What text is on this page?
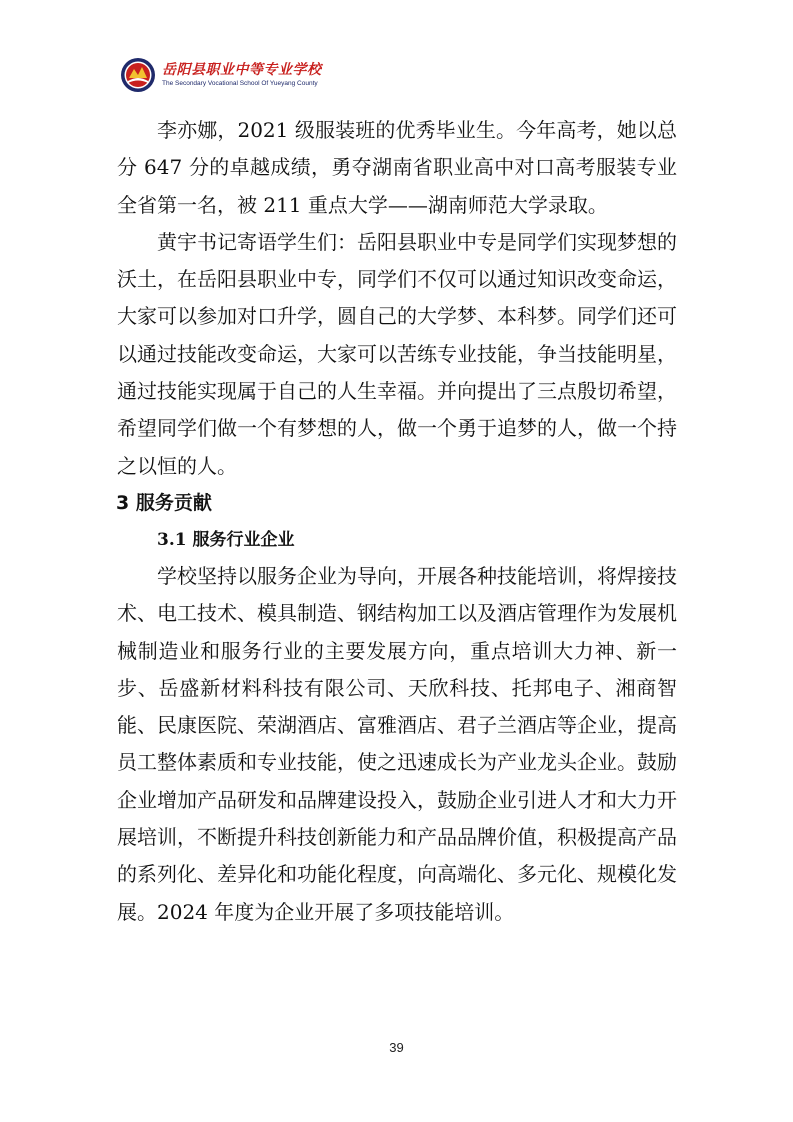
岳阳县职业中等专业学校
The Secondary Vocational School Of Yueyang County

李亦娜，2021 级服装班的优秀毕业生。今年高考，她以总分 647 分的卓越成绩，勇夺湖南省职业高中对口高考服装专业全省第一名，被 211 重点大学——湖南师范大学录取。

黄宇书记寄语学生们：岳阳县职业中专是同学们实现梦想的沃土，在岳阳县职业中专，同学们不仅可以通过知识改变命运，大家可以参加对口升学，圆自己的大学梦、本科梦。同学们还可以通过技能改变命运，大家可以苦练专业技能，争当技能明星，通过技能实现属于自己的人生幸福。并向提出了三点殷切希望，希望同学们做一个有梦想的人，做一个勇于追梦的人，做一个持之以恒的人。

3 服务贡献
3.1 服务行业企业

学校坚持以服务企业为导向，开展各种技能培训，将焊接技术、电工技术、模具制造、钢结构加工以及酒店管理作为发展机械制造业和服务行业的主要发展方向，重点培训大力神、新一步、岳盛新材料科技有限公司、天欣科技、托邦电子、湘商智能、民康医院、荣湖酒店、富雅酒店、君子兰酒店等企业，提高员工整体素质和专业技能，使之迅速成长为产业龙头企业。鼓励企业增加产品研发和品牌建设投入，鼓励企业引进人才和大力开展培训，不断提升科技创新能力和产品品牌价值，积极提高产品的系列化、差异化和功能化程度，向高端化、多元化、规模化发展。2024 年度为企业开展了多项技能培训。

39
